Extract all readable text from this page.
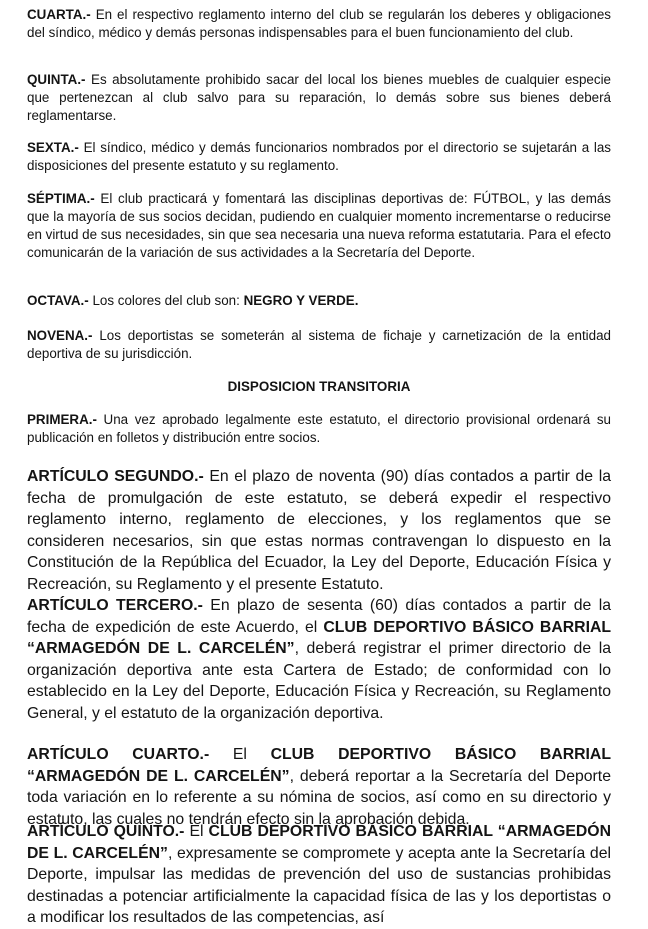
CUARTA.- En el respectivo reglamento interno del club se regularán los deberes y obligaciones del síndico, médico y demás personas indispensables para el buen funcionamiento del club.

QUINTA.- Es absolutamente prohibido sacar del local los bienes muebles de cualquier especie que pertenezcan al club salvo para su reparación, lo demás sobre sus bienes deberá reglamentarse.

SEXTA.- El síndico, médico y demás funcionarios nombrados por el directorio se sujetarán a las disposiciones del presente estatuto y su reglamento.

SÉPTIMA.- El club practicará y fomentará las disciplinas deportivas de: FÚTBOL, y las demás que la mayoría de sus socios decidan, pudiendo en cualquier momento incrementarse o reducirse en virtud de sus necesidades, sin que sea necesaria una nueva reforma estatutaria. Para el efecto comunicarán de la variación de sus actividades a la Secretaría del Deporte.

OCTAVA.- Los colores del club son: NEGRO Y VERDE.

NOVENA.- Los deportistas se someterán al sistema de fichaje y carnetización de la entidad deportiva de su jurisdicción.

DISPOSICION TRANSITORIA

PRIMERA.- Una vez aprobado legalmente este estatuto, el directorio provisional ordenará su publicación en folletos y distribución entre socios.

ARTÍCULO SEGUNDO.- En el plazo de noventa (90) días contados a partir de la fecha de promulgación de este estatuto, se deberá expedir el respectivo reglamento interno, reglamento de elecciones, y los reglamentos que se consideren necesarios, sin que estas normas contravengan lo dispuesto en la Constitución de la República del Ecuador, la Ley del Deporte, Educación Física y Recreación, su Reglamento y el presente Estatuto.

ARTÍCULO TERCERO.- En plazo de sesenta (60) días contados a partir de la fecha de expedición de este Acuerdo, el CLUB DEPORTIVO BÁSICO BARRIAL “ARMAGEDÓN DE L. CARCELÉN”, deberá registrar el primer directorio de la organización deportiva ante esta Cartera de Estado; de conformidad con lo establecido en la Ley del Deporte, Educación Física y Recreación, su Reglamento General, y el estatuto de la organización deportiva.

ARTÍCULO CUARTO.- El CLUB DEPORTIVO BÁSICO BARRIAL “ARMAGEDÓN DE L. CARCELÉN”, deberá reportar a la Secretaría del Deporte toda variación en lo referente a su nómina de socios, así como en su directorio y estatuto, las cuales no tendrán efecto sin la aprobación debida.

ARTÍCULO QUINTO.- El CLUB DEPORTIVO BÁSICO BARRIAL “ARMAGEDÓN DE L. CARCELÉN”, expresamente se compromete y acepta ante la Secretaría del Deporte, impulsar las medidas de prevención del uso de sustancias prohibidas destinadas a potenciar artificialmente la capacidad física de las y los deportistas o a modificar los resultados de las competencias, así
